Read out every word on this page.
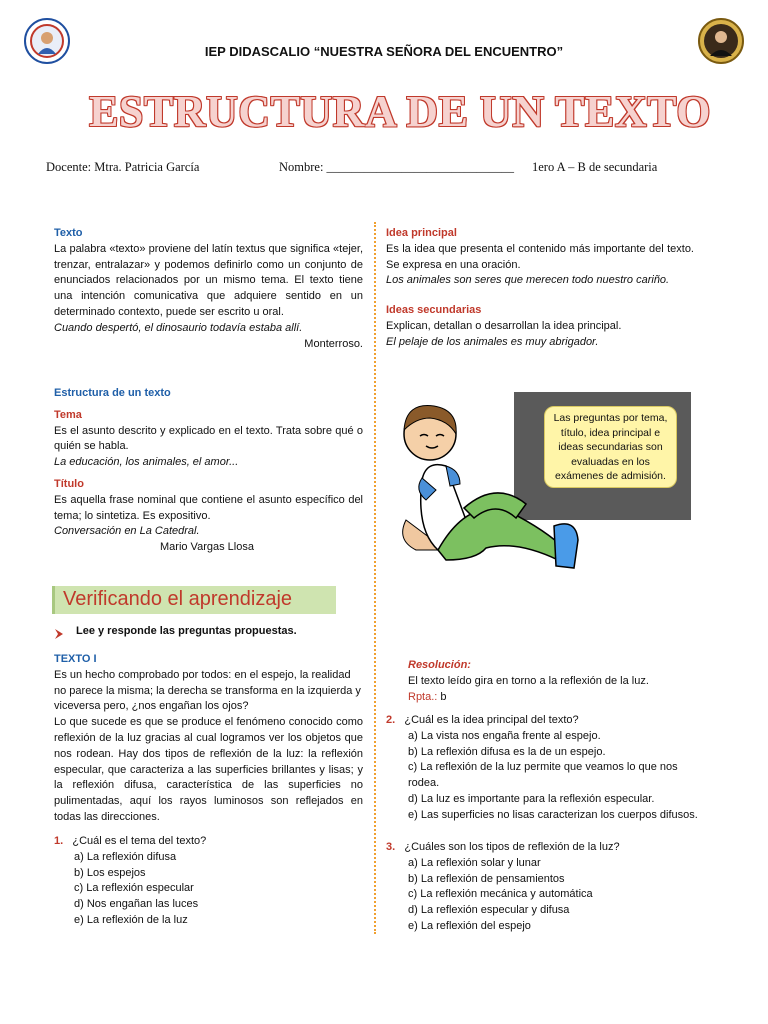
IEP DIDASCALIO “NUESTRA SEÑORA DEL ENCUENTRO”
ESTRUCTURA DE UN TEXTO
Docente: Mtra. Patricia García	Nombre: ______________________________ 1ero A – B de secundaria
Texto
La palabra «texto» proviene del latín textus que significa «tejer, trenzar, entralazar» y podemos definirlo como un conjunto de enunciados relacionados por un mismo tema. El texto tiene una intención comunicativa que adquiere sentido en un determinado contexto, puede ser escrito u oral.
Cuando despertó, el dinosaurio todavía estaba allí.
Monterroso.
Estructura de un texto
Tema
Es el asunto descrito y explicado en el texto. Trata sobre qué o quién se habla.
La educación, los animales, el amor...
Título
Es aquella frase nominal que contiene el asunto específico del tema; lo sintetiza. Es expositivo.
Conversación en La Catedral.
Mario Vargas Llosa
Idea principal
Es la idea que presenta el contenido más importante del texto. Se expresa en una oración.
Los animales son seres que merecen todo nuestro cariño.
Ideas secundarias
Explican, detallan o desarrollan la idea principal.
El pelaje de los animales es muy abrigador.
Las preguntas por tema, título, idea principal e ideas secundarias son evaluadas en los exámenes de admisión.
Verificando el aprendizaje
Lee y responde las preguntas propuestas.
TEXTO I
Es un hecho comprobado por todos: en el espejo, la realidad no parece la misma; la derecha se transforma en la izquierda y viceversa pero, ¿nos engañan los ojos?
Lo que sucede es que se produce el fenómeno conocido como reflexión de la luz gracias al cual logramos ver los objetos que nos rodean. Hay dos tipos de reflexión de la luz: la reflexión especular, que caracteriza a las superficies brillantes y lisas; y la reflexión difusa, característica de las superficies no pulimentadas, aquí los rayos luminosos son reflejados en todas las direcciones.
1. ¿Cuál es el tema del texto?
a) La reflexión difusa
b) Los espejos
c) La reflexión especular
d) Nos engañan las luces
e) La reflexión de la luz
Resolución:
El texto leído gira en torno a la reflexión de la luz.
Rpta.: b
2. ¿Cuál es la idea principal del texto?
a) La vista nos engaña frente al espejo.
b) La reflexión difusa es la de un espejo.
c) La reflexión de la luz permite que veamos lo que nos rodea.
d) La luz es importante para la reflexión especular.
e) Las superficies no lisas caracterizan los cuerpos difusos.
3. ¿Cuáles son los tipos de reflexión de la luz?
a) La reflexión solar y lunar
b) La reflexión de pensamientos
c) La reflexión mecánica y automática
d) La reflexión especular y difusa
e) La reflexión del espejo
